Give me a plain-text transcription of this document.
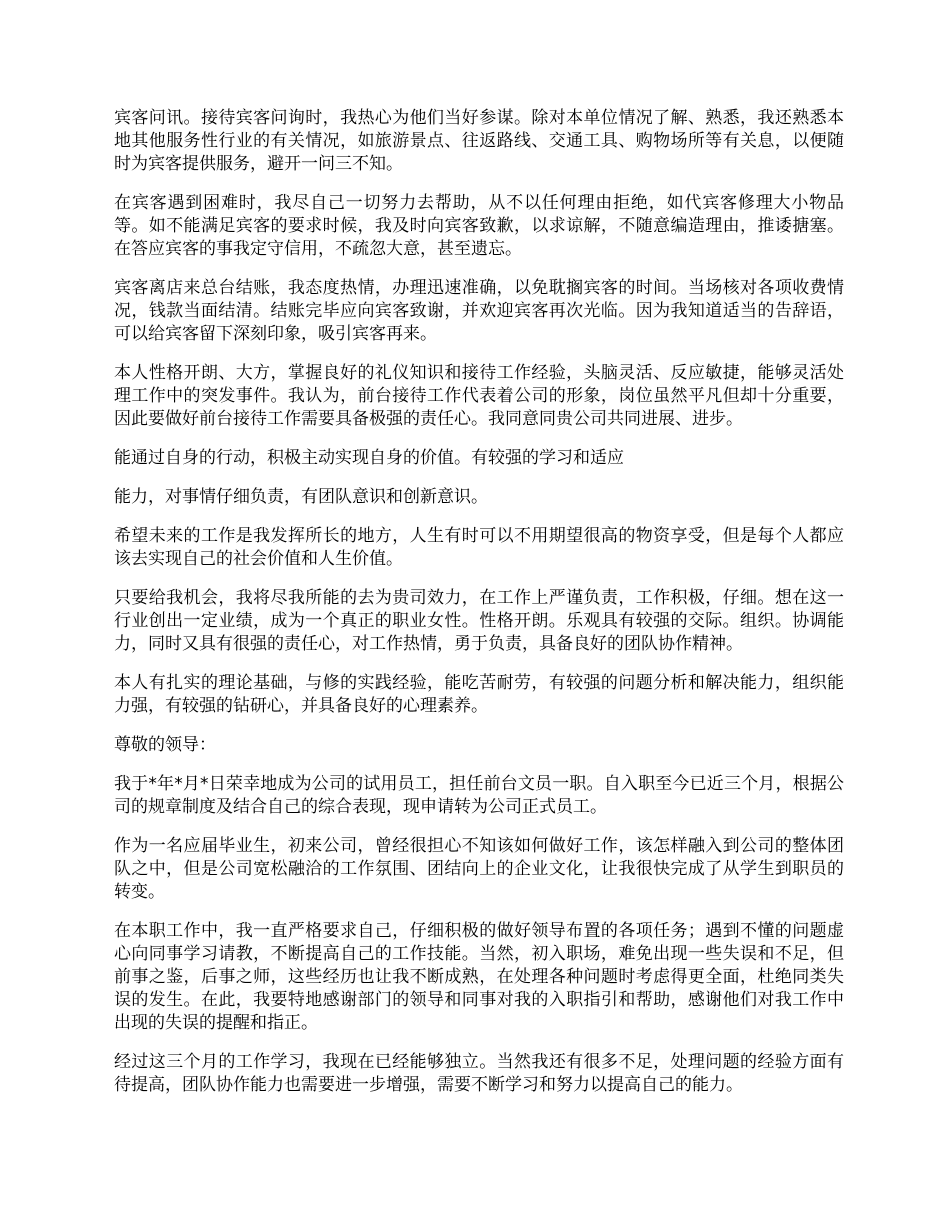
宾客问讯。接待宾客问询时，我热心为他们当好参谋。除对本单位情况了解、熟悉，我还熟悉本地其他服务性行业的有关情况，如旅游景点、往返路线、交通工具、购物场所等有关息，以便随时为宾客提供服务，避开一问三不知。

在宾客遇到困难时，我尽自己一切努力去帮助，从不以任何理由拒绝，如代宾客修理大小物品等。如不能满足宾客的要求时候，我及时向宾客致歉，以求谅解，不随意编造理由，推诿搪塞。在答应宾客的事我定守信用，不疏忽大意，甚至遗忘。

宾客离店来总台结账，我态度热情，办理迅速准确，以免耽搁宾客的时间。当场核对各项收费情况，钱款当面结清。结账完毕应向宾客致谢，并欢迎宾客再次光临。因为我知道适当的告辞语，可以给宾客留下深刻印象，吸引宾客再来。

本人性格开朗、大方，掌握良好的礼仪知识和接待工作经验，头脑灵活、反应敏捷，能够灵活处理工作中的突发事件。我认为，前台接待工作代表着公司的形象，岗位虽然平凡但却十分重要，因此要做好前台接待工作需要具备极强的责任心。我同意同贵公司共同进展、进步。

能通过自身的行动，积极主动实现自身的价值。有较强的学习和适应

能力，对事情仔细负责，有团队意识和创新意识。

希望未来的工作是我发挥所长的地方，人生有时可以不用期望很高的物资享受，但是每个人都应该去实现自己的社会价值和人生价值。

只要给我机会，我将尽我所能的去为贵司效力，在工作上严谨负责，工作积极，仔细。想在这一行业创出一定业绩，成为一个真正的职业女性。性格开朗。乐观具有较强的交际。组织。协调能力，同时又具有很强的责任心，对工作热情，勇于负责，具备良好的团队协作精神。

本人有扎实的理论基础，与修的实践经验，能吃苦耐劳，有较强的问题分析和解决能力，组织能力强，有较强的钻研心，并具备良好的心理素养。

尊敬的领导：

我于*年*月*日荣幸地成为公司的试用员工，担任前台文员一职。自入职至今已近三个月，根据公司的规章制度及结合自己的综合表现，现申请转为公司正式员工。

作为一名应届毕业生，初来公司，曾经很担心不知该如何做好工作，该怎样融入到公司的整体团队之中，但是公司宽松融洽的工作氛围、团结向上的企业文化，让我很快完成了从学生到职员的转变。

在本职工作中，我一直严格要求自己，仔细积极的做好领导布置的各项任务；遇到不懂的问题虚心向同事学习请教，不断提高自己的工作技能。当然，初入职场，难免出现一些失误和不足，但前事之鉴，后事之师，这些经历也让我不断成熟，在处理各种问题时考虑得更全面，杜绝同类失误的发生。在此，我要特地感谢部门的领导和同事对我的入职指引和帮助，感谢他们对我工作中出现的失误的提醒和指正。

经过这三个月的工作学习，我现在已经能够独立。当然我还有很多不足，处理问题的经验方面有待提高，团队协作能力也需要进一步增强，需要不断学习和努力以提高自己的能力。
